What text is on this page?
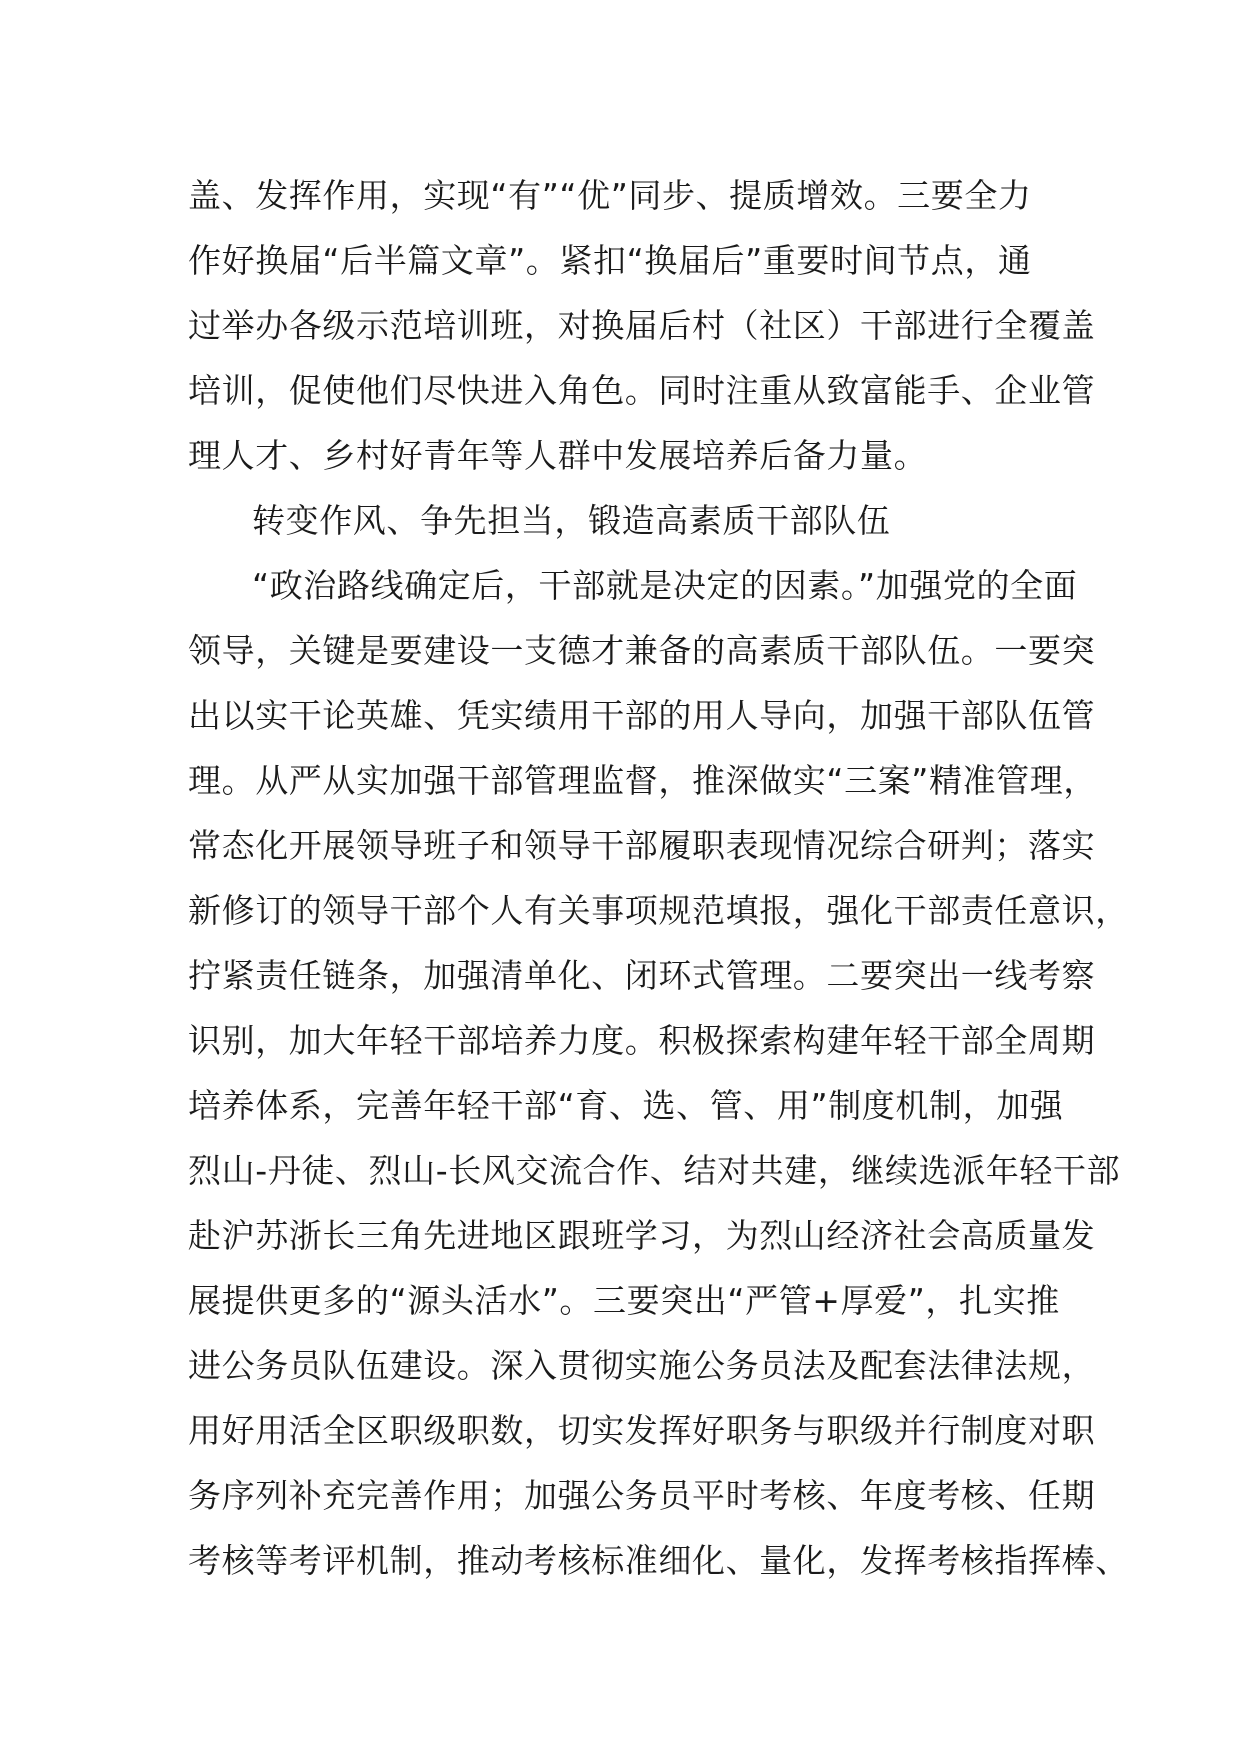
盖、发挥作用，实现“有”“优”同步、提质增效。三要全力
作好换届“后半篇文章”。紧扣“换届后”重要时间节点，通
过举办各级示范培训班，对换届后村（社区）干部进行全覆盖
培训，促使他们尽快进入角色。同时注重从致富能手、企业管
理人才、乡村好青年等人群中发展培养后备力量。
转变作风、争先担当，锻造高素质干部队伍
“政治路线确定后，干部就是决定的因素。”加强党的全面
领导，关键是要建设一支德才兼备的高素质干部队伍。一要突
出以实干论英雄、凭实绩用干部的用人导向，加强干部队伍管
理。从严从实加强干部管理监督，推深做实“三案”精准管理，
常态化开展领导班子和领导干部履职表现情况综合研判；落实
新修订的领导干部个人有关事项规范填报，强化干部责任意识，
拧紧责任链条，加强清单化、闭环式管理。二要突出一线考察
识别，加大年轻干部培养力度。积极探索构建年轻干部全周期
培养体系，完善年轻干部“育、选、管、用”制度机制，加强
烈山-丹徒、烈山-长风交流合作、结对共建，继续选派年轻干部
赴沪苏浙长三角先进地区跟班学习，为烈山经济社会高质量发
展提供更多的“源头活水”。三要突出“严管+厚爱”，扎实推
进公务员队伍建设。深入贯彻实施公务员法及配套法律法规，
用好用活全区职级职数，切实发挥好职务与职级并行制度对职
务序列补充完善作用；加强公务员平时考核、年度考核、任期
考核等考评机制，推动考核标准细化、量化，发挥考核指挥棒、
